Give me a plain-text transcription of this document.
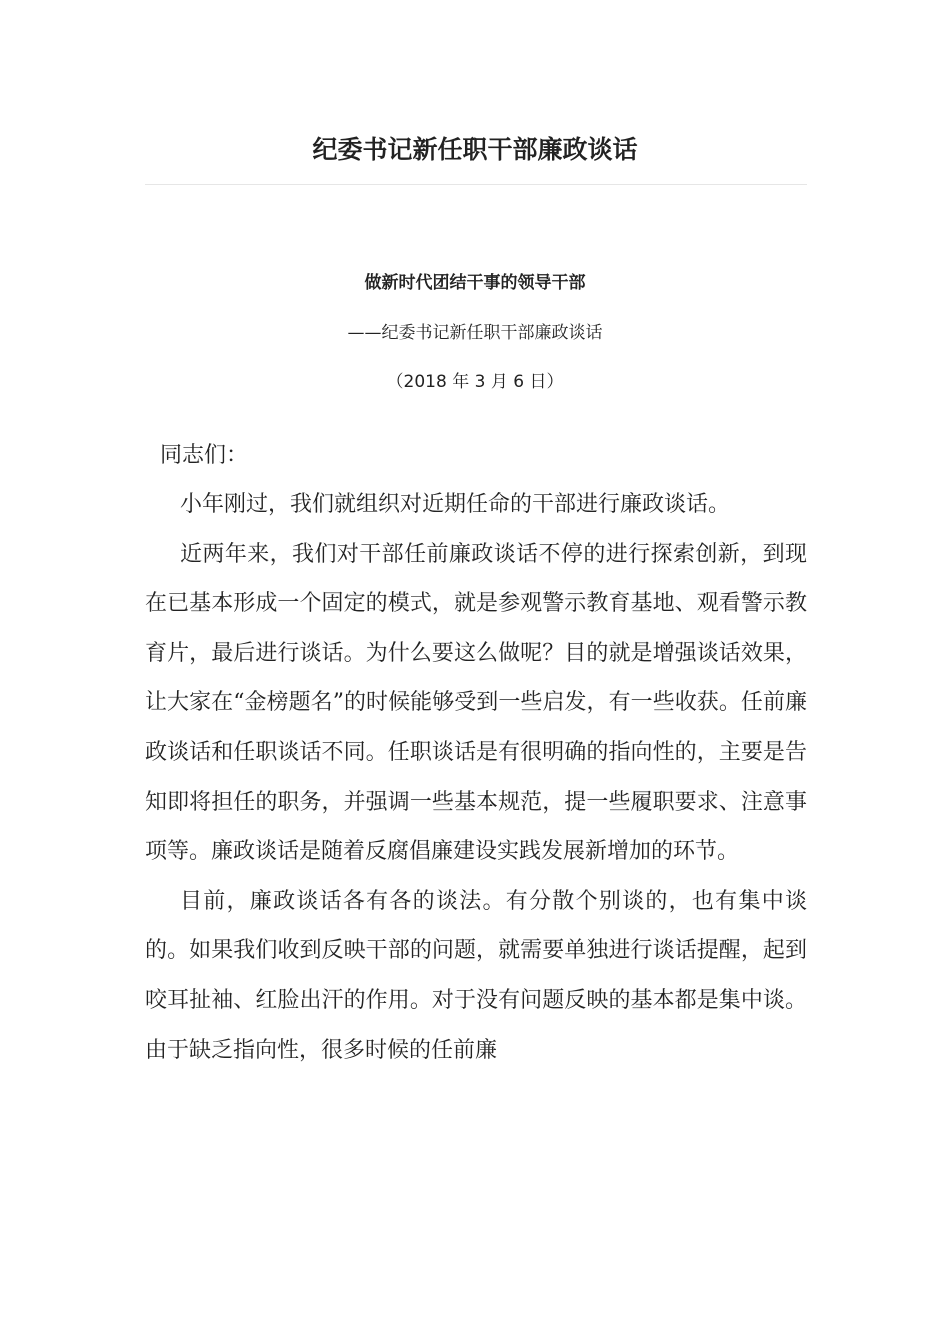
纪委书记新任职干部廉政谈话
做新时代团结干事的领导干部
——纪委书记新任职干部廉政谈话
（2018 年 3 月 6 日）
同志们：

小年刚过，我们就组织对近期任命的干部进行廉政谈话。

近两年来，我们对干部任前廉政谈话不停的进行探索创新，到现在已基本形成一个固定的模式，就是参观警示教育基地、观看警示教育片，最后进行谈话。为什么要这么做呢？目的就是增强谈话效果，让大家在“金榜题名”的时候能够受到一些启发，有一些收获。任前廉政谈话和任职谈话不同。任职谈话是有很明确的指向性的，主要是告知即将担任的职务，并强调一些基本规范，提一些履职要求、注意事项等。廉政谈话是随着反腐倡廉建设实践发展新增加的环节。

目前，廉政谈话各有各的谈法。有分散个别谈的，也有集中谈的。如果我们收到反映干部的问题，就需要单独进行谈话提醒，起到咬耳扯袖、红脸出汗的作用。对于没有问题反映的基本都是集中谈。由于缺乏指向性，很多时候的任前廉
